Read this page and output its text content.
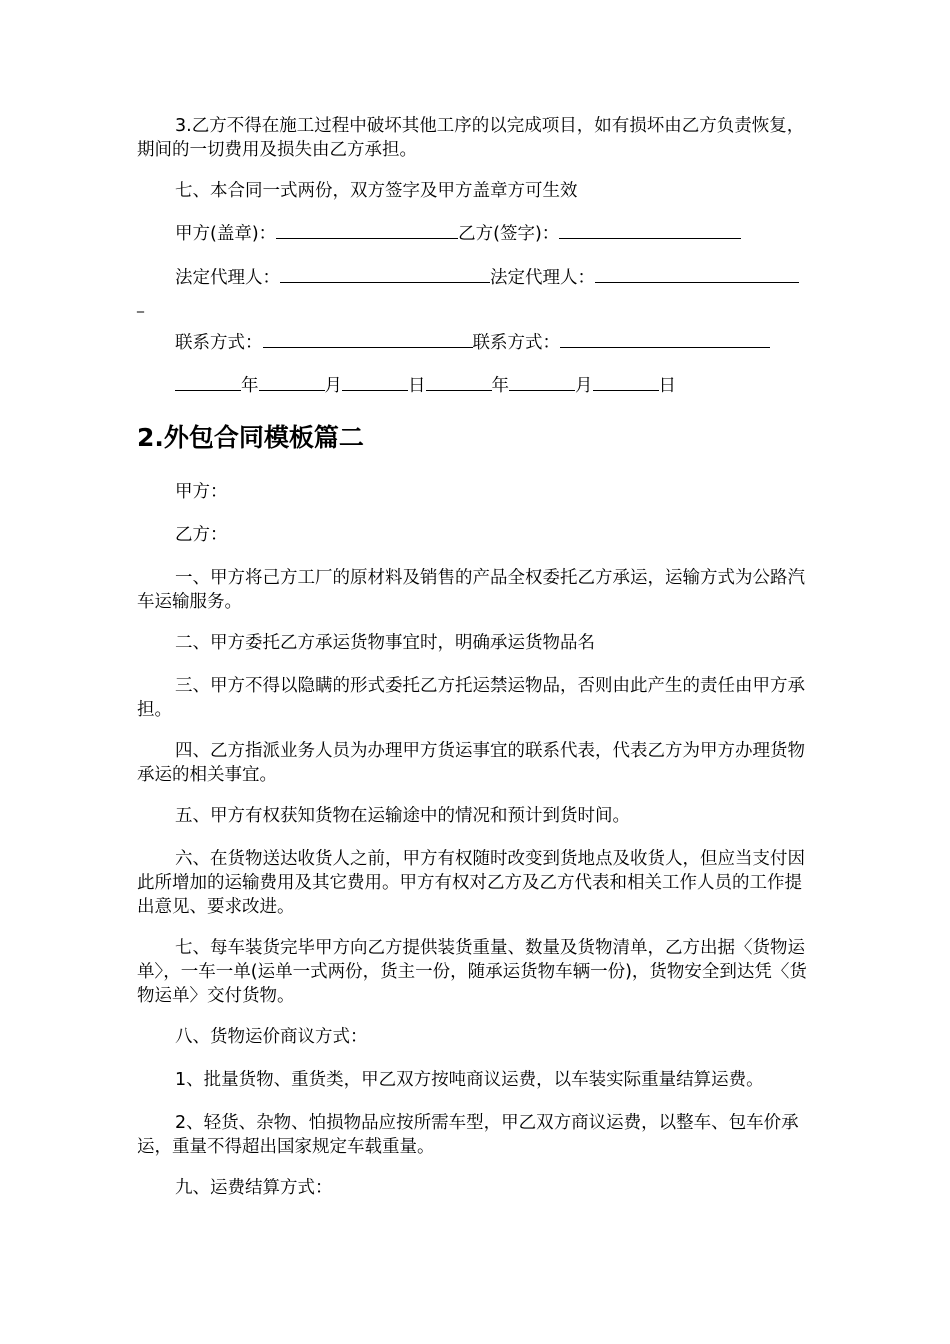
3.乙方不得在施工过程中破坏其他工序的以完成项目，如有损坏由乙方负责恢复，期间的一切费用及损失由乙方承担。

七、本合同一式两份，双方签字及甲方盖章方可生效

甲方(盖章)：	乙方(签字)：
法定代理人：	法定代理人：
_
联系方式：	联系方式：
年	月	日	年	月	日
2.外包合同模板篇二

甲方：

乙方：

一、甲方将己方工厂的原材料及销售的产品全权委托乙方承运，运输方式为公路汽车运输服务。

二、甲方委托乙方承运货物事宜时，明确承运货物品名

三、甲方不得以隐瞒的形式委托乙方托运禁运物品，否则由此产生的责任由甲方承担。

四、乙方指派业务人员为办理甲方货运事宜的联系代表，代表乙方为甲方办理货物承运的相关事宜。

五、甲方有权获知货物在运输途中的情况和预计到货时间。

六、在货物送达收货人之前，甲方有权随时改变到货地点及收货人，但应当支付因此所增加的运输费用及其它费用。甲方有权对乙方及乙方代表和相关工作人员的工作提出意见、要求改进。

七、每车装货完毕甲方向乙方提供装货重量、数量及货物清单，乙方出据〈货物运单〉，一车一单(运单一式两份，货主一份，随承运货物车辆一份)，货物安全到达凭〈货物运单〉交付货物。

八、货物运价商议方式：

1、批量货物、重货类，甲乙双方按吨商议运费，以车装实际重量结算运费。

2、轻货、杂物、怕损物品应按所需车型，甲乙双方商议运费，以整车、包车价承运，重量不得超出国家规定车载重量。

九、运费结算方式：
